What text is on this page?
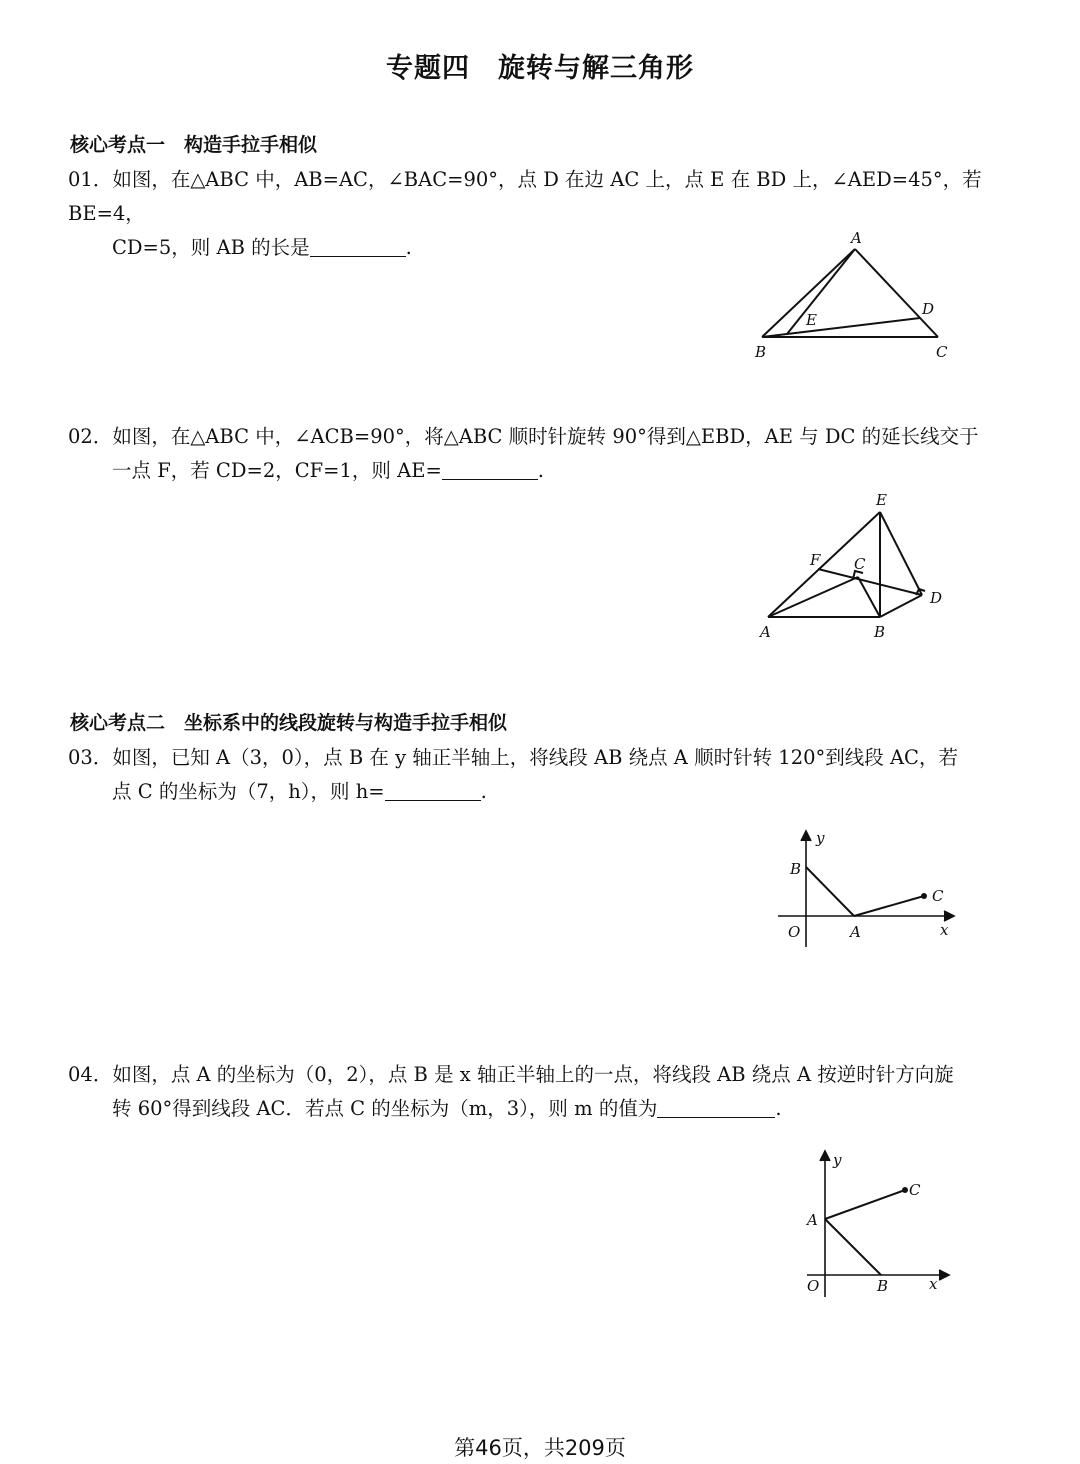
专题四　旋转与解三角形
核心考点一　构造手拉手相似
01．如图，在△ABC 中，AB=AC，∠BAC=90°，点 D 在边 AC 上，点 E 在 BD 上，∠AED=45°，若 BE=4，
CD=5，则 AB 的长是	.	A
B	C
D
E
02．如图，在△ABC 中，∠ACB=90°，将△ABC 顺时针旋转 90°得到△EBD，AE 与 DC 的延长线交于
一点 F，若 CD=2，CF=1，则 AE=	.
E
F C
D
A	B
核心考点二　坐标系中的线段旋转与构造手拉手相似
03．如图，已知 A（3，0），点 B 在 y 轴正半轴上，将线段 AB 绕点 A 顺时针转 120°到线段 AC，若
点 C 的坐标为（7，h），则 h=	.
y
B
C
O	A	x
04．如图，点 A 的坐标为（0，2），点 B 是 x 轴正半轴上的一点，将线段 AB 绕点 A 按逆时针方向旋
转 60°得到线段 AC．若点 C 的坐标为（m，3），则 m 的值为	.
y
A
C
O	B	x
第46页，共209页
